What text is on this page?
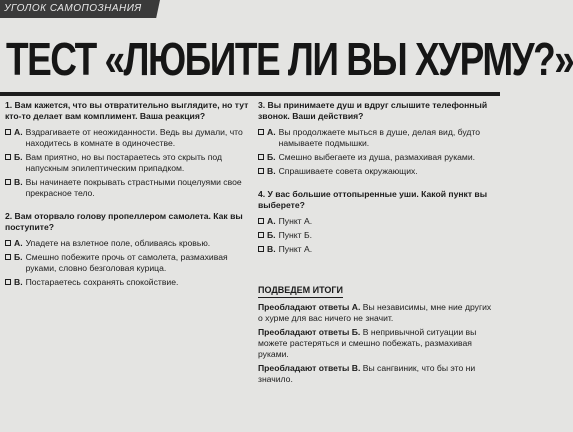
УГОЛОК САМОПОЗНАНИЯ
ТЕСТ «ЛЮБИТЕ ЛИ ВЫ ХУРМУ?»
1. Вам кажется, что вы отвратительно выглядите, но тут кто-то делает вам комплимент. Ваша реакция?
А. Вздрагиваете от неожиданности. Ведь вы думали, что находитесь в комнате в одиночестве.
Б. Вам приятно, но вы постараетесь это скрыть под напускным эпилептическим припадком.
В. Вы начинаете покрывать страстными поцелуями свое прекрасное тело.
2. Вам оторвало голову пропеллером самолета. Как вы поступите?
А. Упадете на взлетное поле, обливаясь кровью.
Б. Смешно побежите прочь от самолета, размахивая руками, словно безголовая курица.
В. Постараетесь сохранять спокойствие.
3. Вы принимаете душ и вдруг слышите телефонный звонок. Ваши действия?
А. Вы продолжаете мыться в душе, делая вид, будто намываете подмышки.
Б. Смешно выбегаете из душа, размахивая руками.
В. Спрашиваете совета окружающих.
4. У вас большие оттопыренные уши. Какой пункт вы выберете?
А. Пункт А.
Б. Пункт Б.
В. Пункт А.
ПОДВЕДЕМ ИТОГИ
Преобладают ответы А. Вы независимы, мне ние других о хурме для вас ничего не значит.
Преобладают ответы Б. В непривычной ситуации вы можете растеряться и смешно побежать, размахивая руками.
Преобладают ответы В. Вы сангвиник, что бы это ни значило.
